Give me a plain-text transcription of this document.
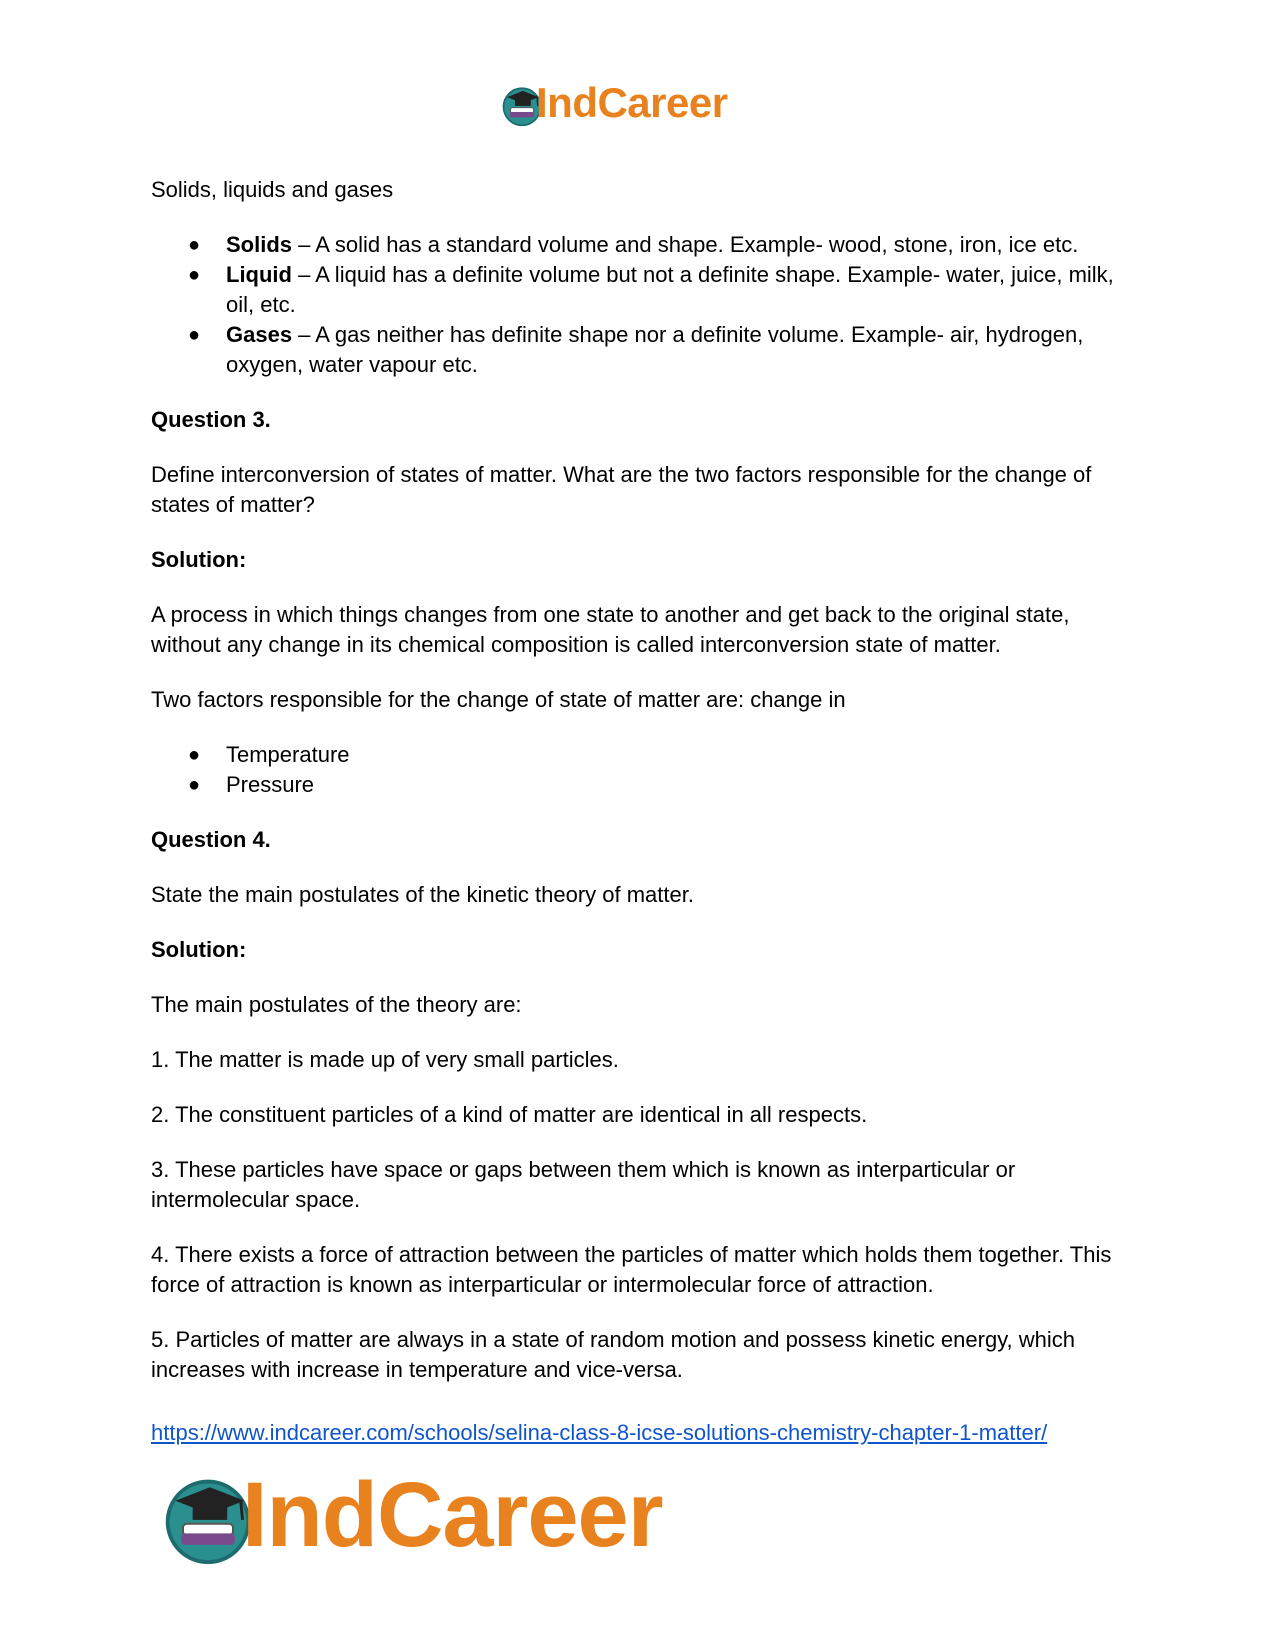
IndCareer

Solids, liquids and gases

● Solids – A solid has a standard volume and shape. Example- wood, stone, iron, ice etc.
● Liquid – A liquid has a definite volume but not a definite shape. Example- water, juice, milk, oil, etc.
● Gases – A gas neither has definite shape nor a definite volume. Example- air, hydrogen, oxygen, water vapour etc.

Question 3.

Define interconversion of states of matter. What are the two factors responsible for the change of states of matter?

Solution:

A process in which things changes from one state to another and get back to the original state, without any change in its chemical composition is called interconversion state of matter.

Two factors responsible for the change of state of matter are: change in

● Temperature
● Pressure

Question 4.

State the main postulates of the kinetic theory of matter.

Solution:

The main postulates of the theory are:

1. The matter is made up of very small particles.

2. The constituent particles of a kind of matter are identical in all respects.

3. These particles have space or gaps between them which is known as interparticular or intermolecular space.

4. There exists a force of attraction between the particles of matter which holds them together. This force of attraction is known as interparticular or intermolecular force of attraction.

5. Particles of matter are always in a state of random motion and possess kinetic energy, which increases with increase in temperature and vice-versa.

https://www.indcareer.com/schools/selina-class-8-icse-solutions-chemistry-chapter-1-matter/
IndCareer
